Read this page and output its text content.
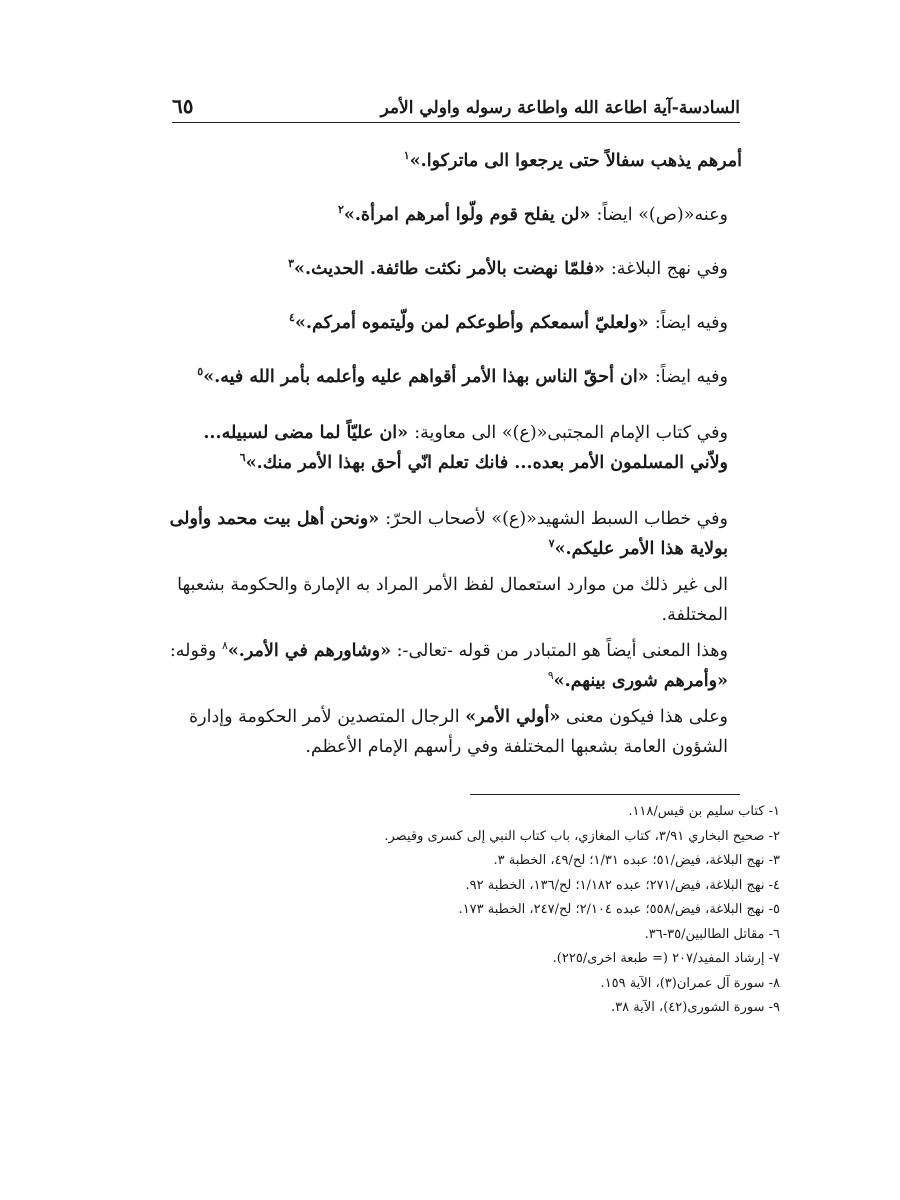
السادسة-آية اطاعة الله واطاعة رسوله واولي الأمر
٦٥

أمرهم يذهب سفالاً حتى يرجعوا الى ماتركوا.»$^١$

وعنه«(ص)» ايضاً: «لن يفلح قوم ولّوا أمرهم امرأة.»$^٢$

وفي نهج البلاغة: «فلمّا نهضت بالأمر نكثت طائفة. الحديث.»$^٣$

وفيه ايضاً: «ولعليّ أسمعكم وأطوعكم لمن ولّيتموه أمركم.»$^٤$

وفيه ايضاً: «ان أحقّ الناس بهذا الأمر أقواهم عليه وأعلمه بأمر الله فيه.»$^٥$

وفي كتاب الإمام المجتبى«(ع)» الى معاوية: «ان عليّاً لما مضى لسبيله... ولاّني المسلمون الأمر بعده... فانك تعلم انّي أحق بهذا الأمر منك.»$^٦$

وفي خطاب السبط الشهيد«(ع)» لأصحاب الحرّ: «ونحن أهل بيت محمد وأولى بولاية هذا الأمر عليكم.»$^٧$

الى غير ذلك من موارد استعمال لفظ الأمر المراد به الإمارة والحكومة بشعبها المختلفة.

وهذا المعنى أيضاً هو المتبادر من قوله -تعالى-: «وشاورهم في الأمر.»$^٨$ وقوله: «وأمرهم شورى بينهم.»$^٩$

وعلى هذا فيكون معنى «أولي الأمر» الرجال المتصدين لأمر الحكومة وإدارة الشؤون العامة بشعبها المختلفة وفي رأسهم الإمام الأعظم.

١- كتاب سليم بن قيس/١١٨.
٢- صحيح البخاري ٣/٩١، كتاب المغازي، باب كتاب النبي إلى كسرى وقيصر.
٣- نهج البلاغة، فيض/٥١؛ عبده ١/٣١؛ لح/٤٩، الخطبة ٣.
٤- نهج البلاغة، فيض/٢٧١؛ عبده ١/١٨٢؛ لح/١٣٦، الخطبة ٩٢.
٥- نهج البلاغة، فيض/٥٥٨؛ عبده ٢/١٠٤؛ لح/٢٤٧، الخطبة ١٧٣.
٦- مقاتل الطالبين/٣٥-٣٦.
٧- إرشاد المفيد/٢٠٧ (= طبعة اخرى/٢٢٥).
٨- سورة آل عمران(٣)، الآية ١٥٩.
٩- سورة الشورى(٤٢)، الآية ٣٨.
